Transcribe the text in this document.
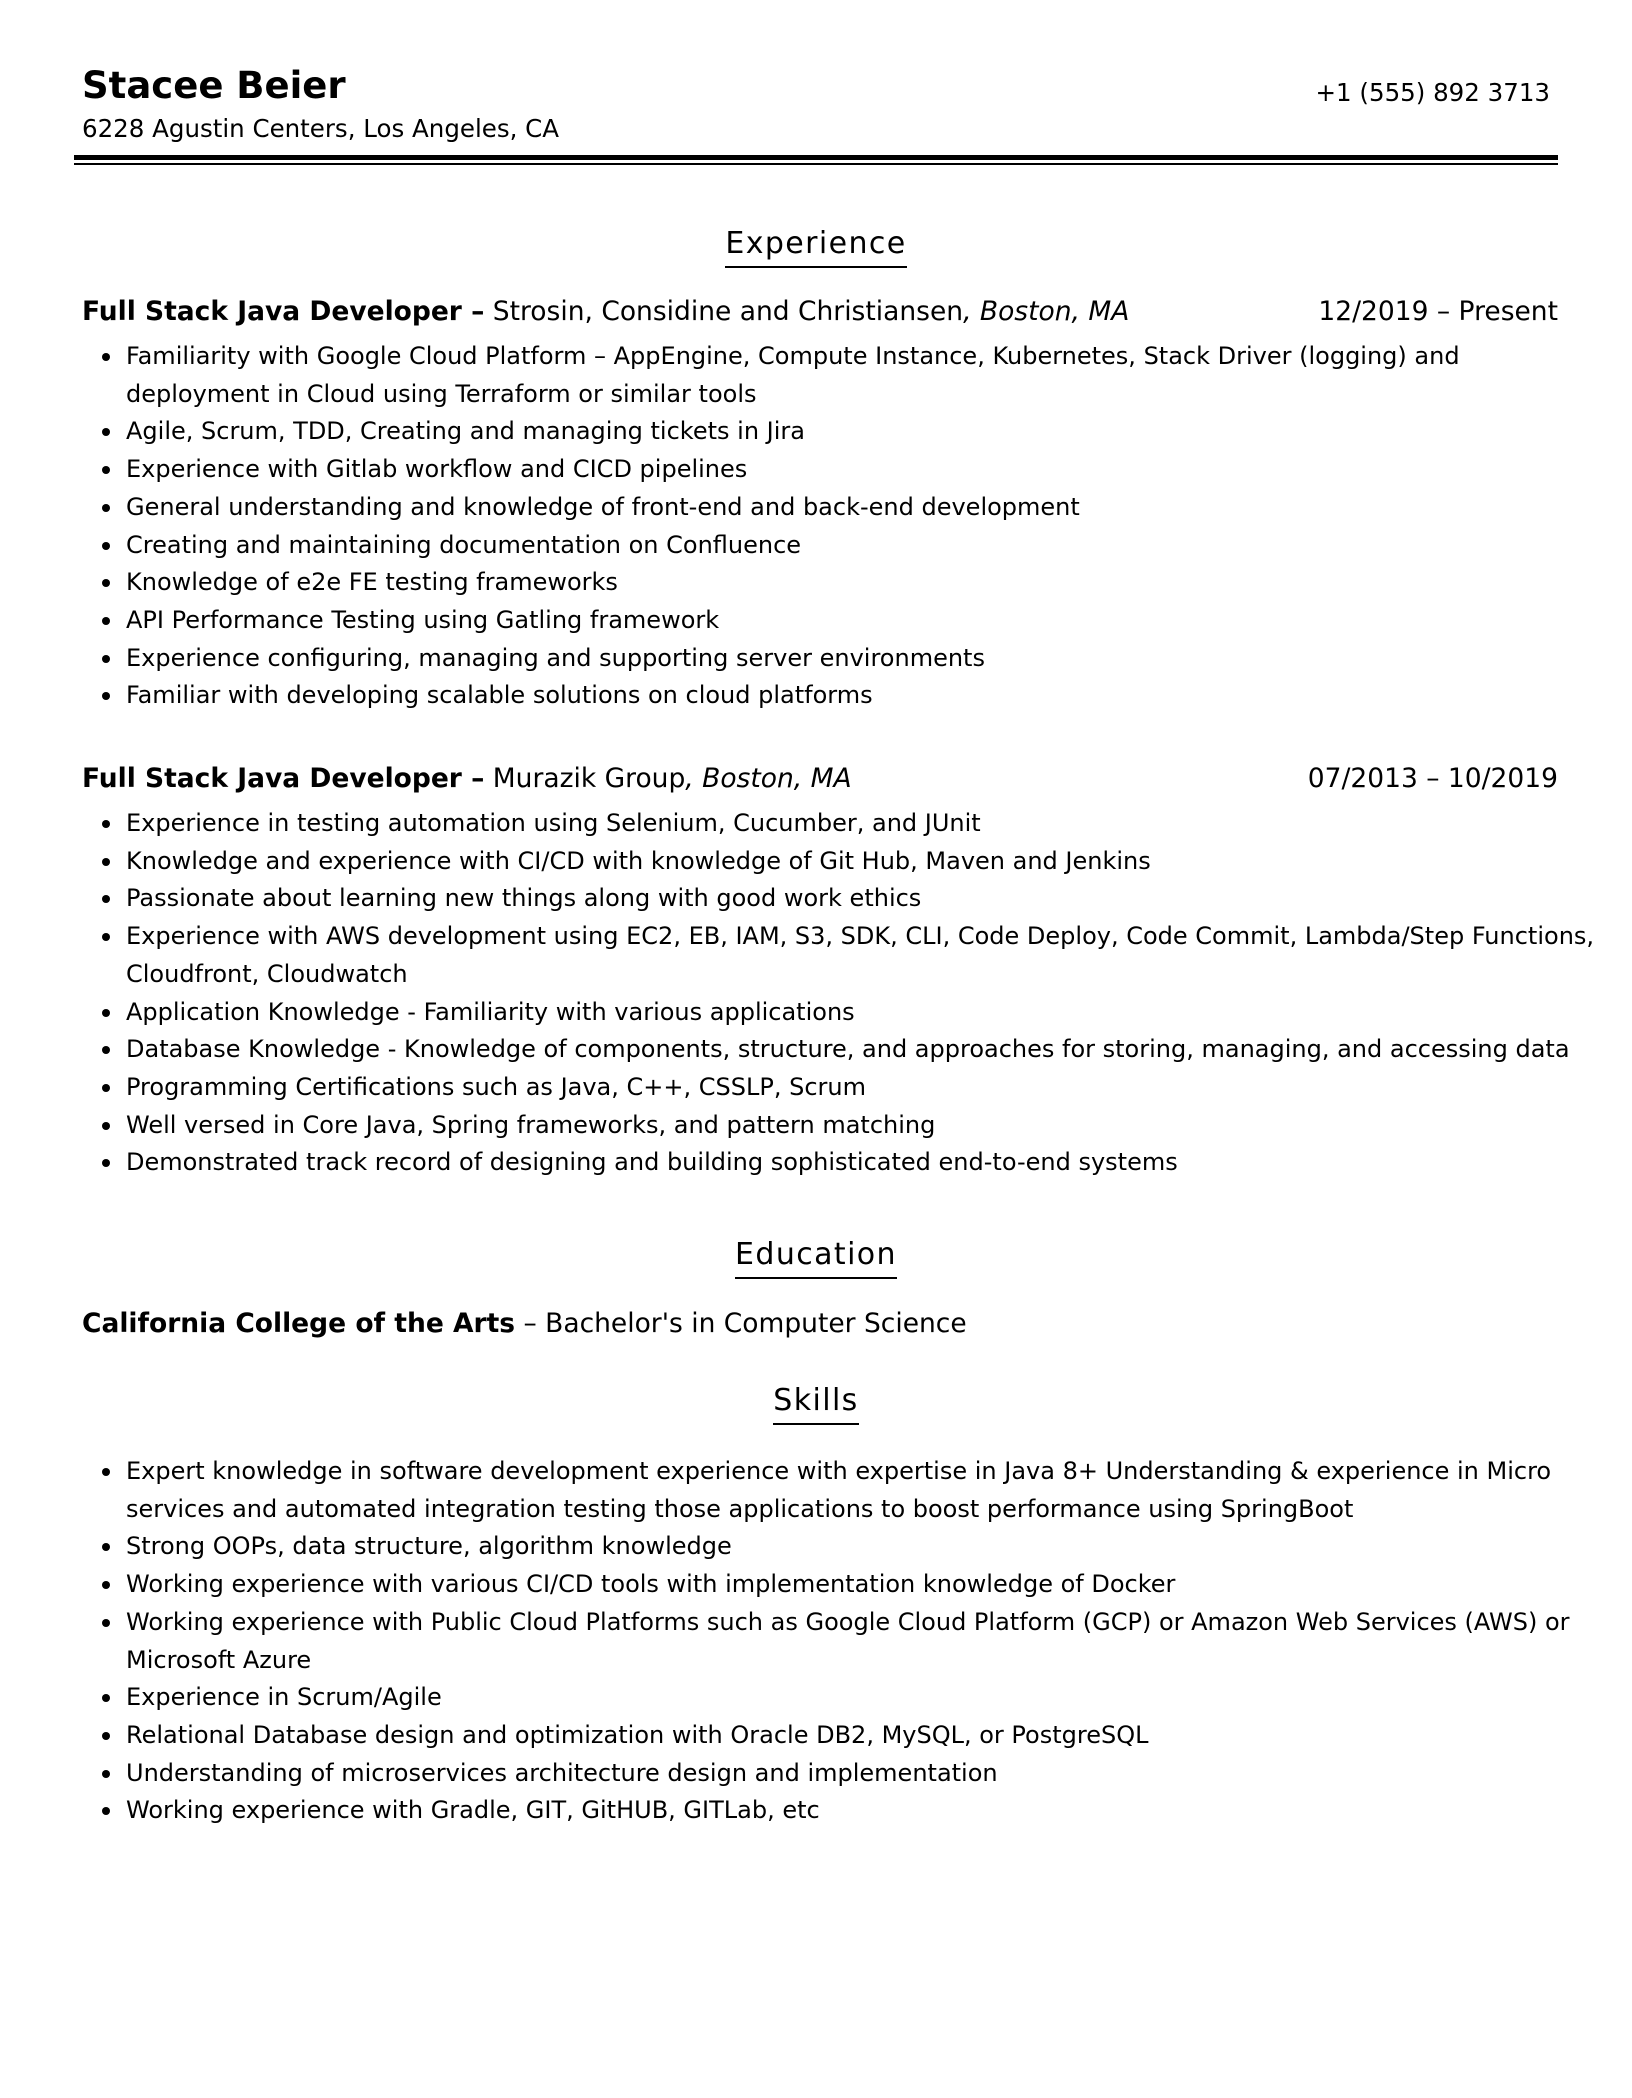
Stacee Beier
6228 Agustin Centers, Los Angeles, CA
+1 (555) 892 3713
Experience
Full Stack Java Developer – Strosin, Considine and Christiansen, Boston, MA	12/2019 – Present
Familiarity with Google Cloud Platform – AppEngine, Compute Instance, Kubernetes, Stack Driver (logging) and deployment in Cloud using Terraform or similar tools
Agile, Scrum, TDD, Creating and managing tickets in Jira
Experience with Gitlab workflow and CICD pipelines
General understanding and knowledge of front-end and back-end development
Creating and maintaining documentation on Confluence
Knowledge of e2e FE testing frameworks
API Performance Testing using Gatling framework
Experience configuring, managing and supporting server environments
Familiar with developing scalable solutions on cloud platforms
Full Stack Java Developer – Murazik Group, Boston, MA	07/2013 – 10/2019
Experience in testing automation using Selenium, Cucumber, and JUnit
Knowledge and experience with CI/CD with knowledge of Git Hub, Maven and Jenkins
Passionate about learning new things along with good work ethics
Experience with AWS development using EC2, EB, IAM, S3, SDK, CLI, Code Deploy, Code Commit, Lambda/Step Functions, Cloudfront, Cloudwatch
Application Knowledge - Familiarity with various applications
Database Knowledge - Knowledge of components, structure, and approaches for storing, managing, and accessing data
Programming Certifications such as Java, C++, CSSLP, Scrum
Well versed in Core Java, Spring frameworks, and pattern matching
Demonstrated track record of designing and building sophisticated end-to-end systems
Education
California College of the Arts – Bachelor's in Computer Science
Skills
Expert knowledge in software development experience with expertise in Java 8+ Understanding & experience in Micro services and automated integration testing those applications to boost performance using SpringBoot
Strong OOPs, data structure, algorithm knowledge
Working experience with various CI/CD tools with implementation knowledge of Docker
Working experience with Public Cloud Platforms such as Google Cloud Platform (GCP) or Amazon Web Services (AWS) or Microsoft Azure
Experience in Scrum/Agile
Relational Database design and optimization with Oracle DB2, MySQL, or PostgreSQL
Understanding of microservices architecture design and implementation
Working experience with Gradle, GIT, GitHUB, GITLab, etc
